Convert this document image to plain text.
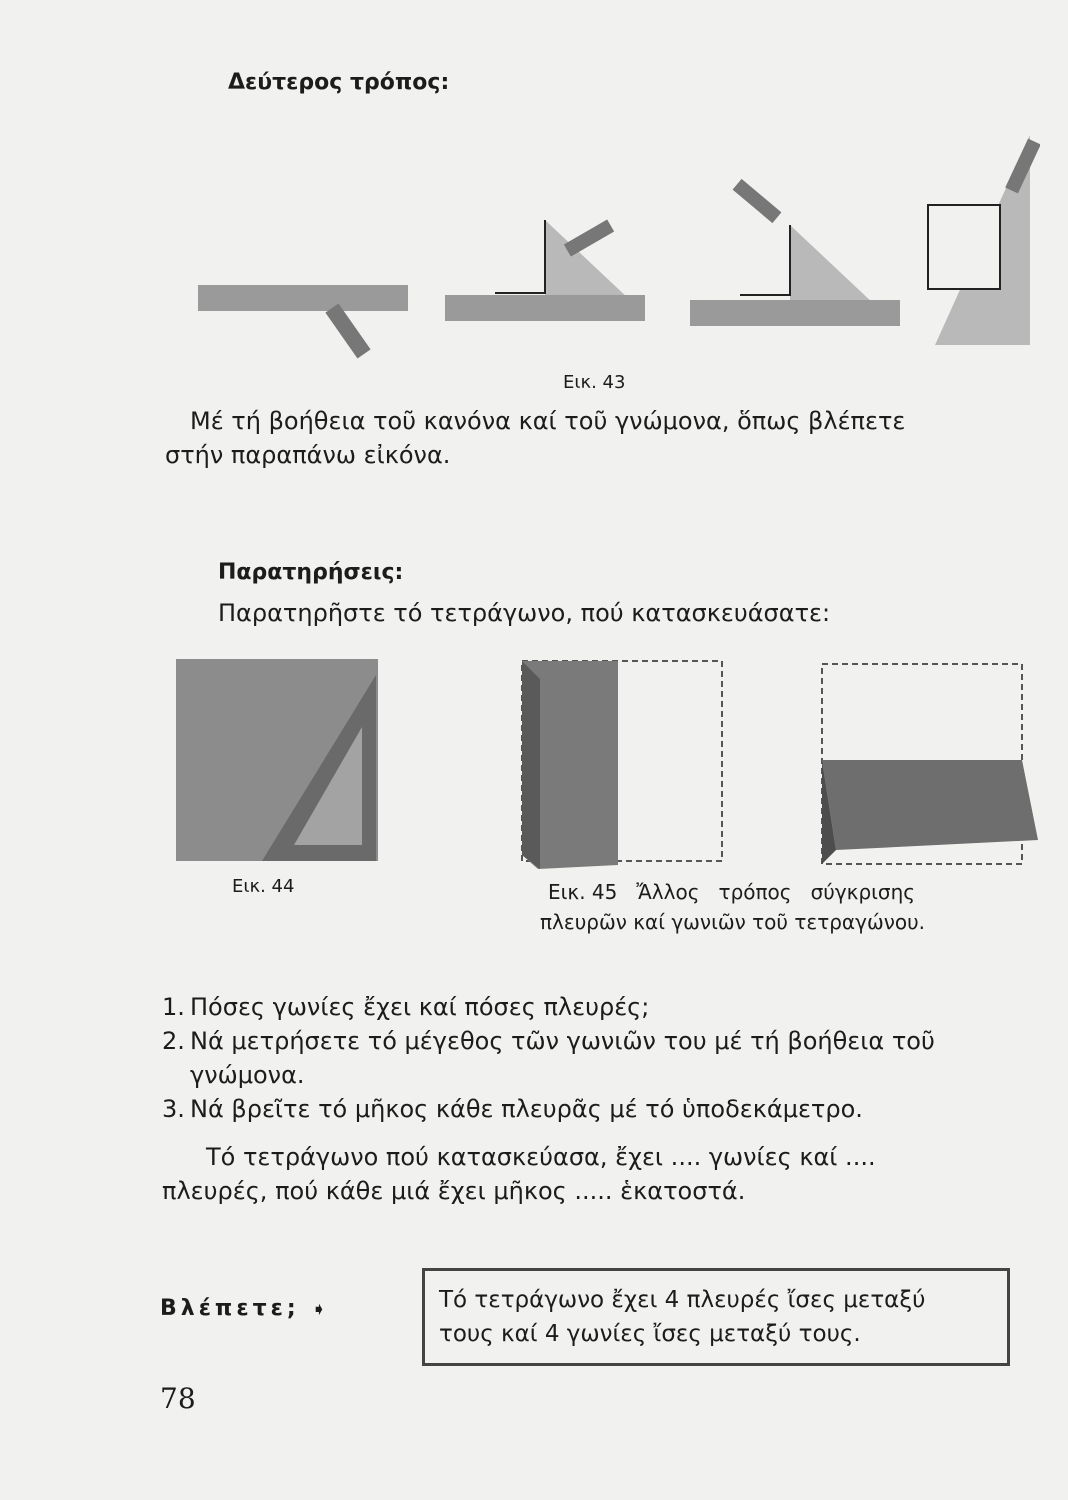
Δεύτερος τρόπος:
Εικ. 43
Μέ τή βοήθεια τοῦ κανόνα καί τοῦ γνώμονα, ὅπως βλέπετε
στήν παραπάνω εἰκόνα.
Παρατηρήσεις:
Παρατηρῆστε τό τετράγωνο, πού κατασκευάσατε:
Εικ. 44	Εικ. 45   Ἄλλος   τρόπος   σύγκρισης
πλευρῶν καί γωνιῶν τοῦ τετραγώνου.
1. Πόσες γωνίες ἔχει καί πόσες πλευρές;
2. Νά μετρήσετε τό μέγεθος τῶν γωνιῶν του μέ τή βοήθεια τοῦ
γνώμονα.
3. Νά βρεῖτε τό μῆκος κάθε πλευρᾶς μέ τό ὑποδεκάμετρο.
Τό τετράγωνο πού κατασκεύασα, ἔχει .... γωνίες καί ....
πλευρές, πού κάθε μιά ἔχει μῆκος ..... ἑκατοστά.
Βλέπετε; ➧	Τό τετράγωνο ἔχει 4 πλευρές ἴσες μεταξύ
τους καί 4 γωνίες ἴσες μεταξύ τους.
78
